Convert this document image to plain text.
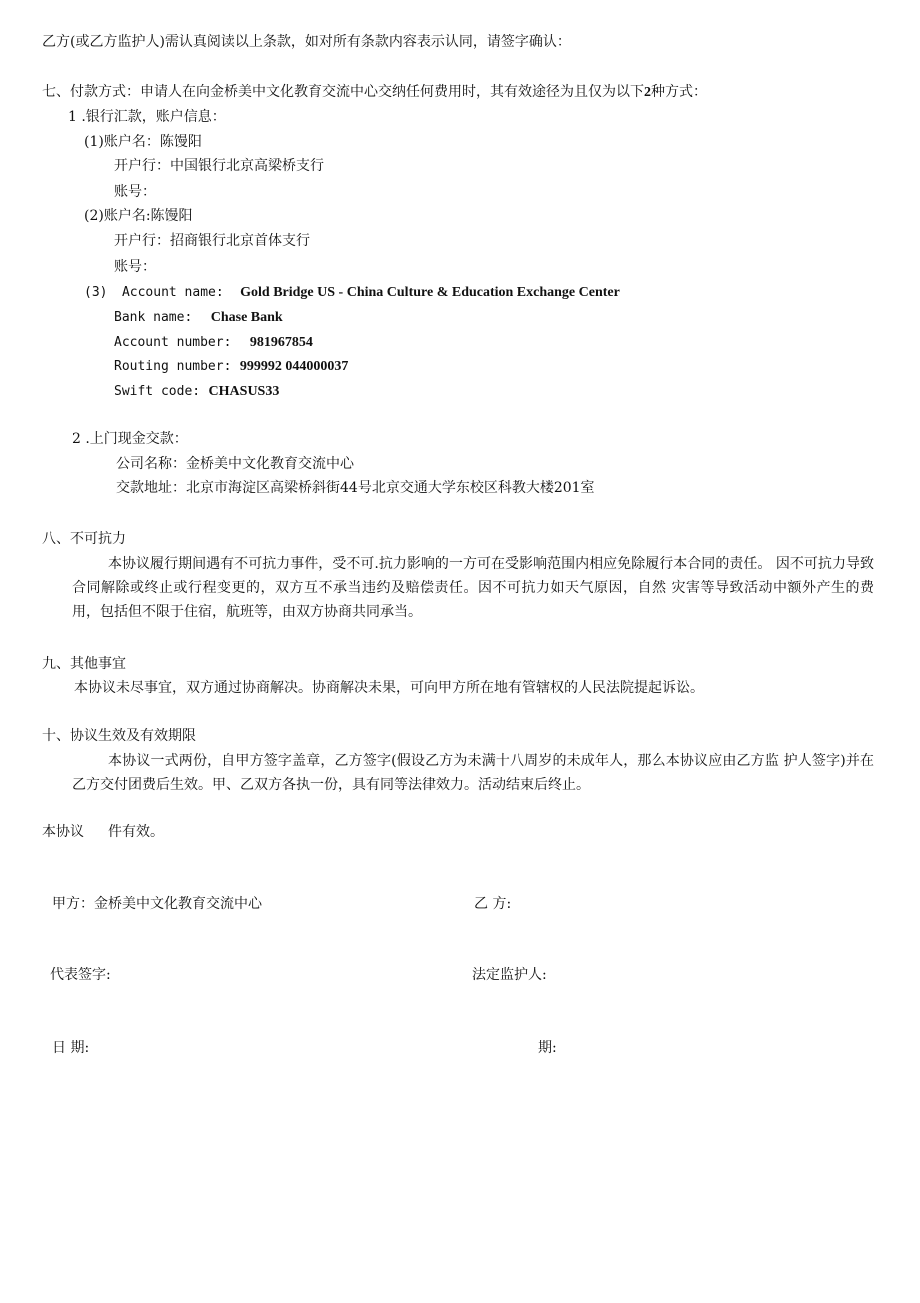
乙方(或乙方监护人)需认真阅读以上条款，如对所有条款内容表示认同，请签字确认：
七、付款方式：申请人在向金桥美中文化教育交流中心交纳任何费用时，其有效途径为且仅为以下2种方式：
1 .银行汇款，账户信息：
(1)账户名：陈馒阳
开户行：中国银行北京高梁桥支行
账号：
(2)账户名:陈馒阳
开户行：招商银行北京首体支行
账号：
(3) Account name: Gold Bridge US - China Culture & Education Exchange Center
Bank name: Chase Bank
Account number: 981967854
Routing number: 999992 044000037
Swift code: CHASUS33
2 .上门现金交款：
公司名称：金桥美中文化教育交流中心
交款地址：北京市海淀区高梁桥斜街44号北京交通大学东校区科教大楼201室
八、不可抗力
本协议履行期间遇有不可抗力事件，受不可.抗力影响的一方可在受影响范围内相应免除履行本合同的责任。 因不可抗力导致合同解除或终止或行程变更的，双方互不承当违约及赔偿责任。因不可抗力如天气原因，自然 灾害等导致活动中额外产生的费用，包括但不限于住宿，航班等，由双方协商共同承当。
九、其他事宜
本协议未尽事宜，双方通过协商解决。协商解决未果，可向甲方所在地有管辖权的人民法院提起诉讼。
十、协议生效及有效期限
本协议一式两份，自甲方签字盖章，乙方签字(假设乙方为未满十八周岁的未成年人，那么本协议应由乙方监 护人签字)并在乙方交付团费后生效。甲、乙双方各执一份，具有同等法律效力。活动结束后终止。
本协议 件有效。
甲方：金桥美中文化教育交流中心	乙 方:
代表签字:	法定监护人:
日 期:	期:
